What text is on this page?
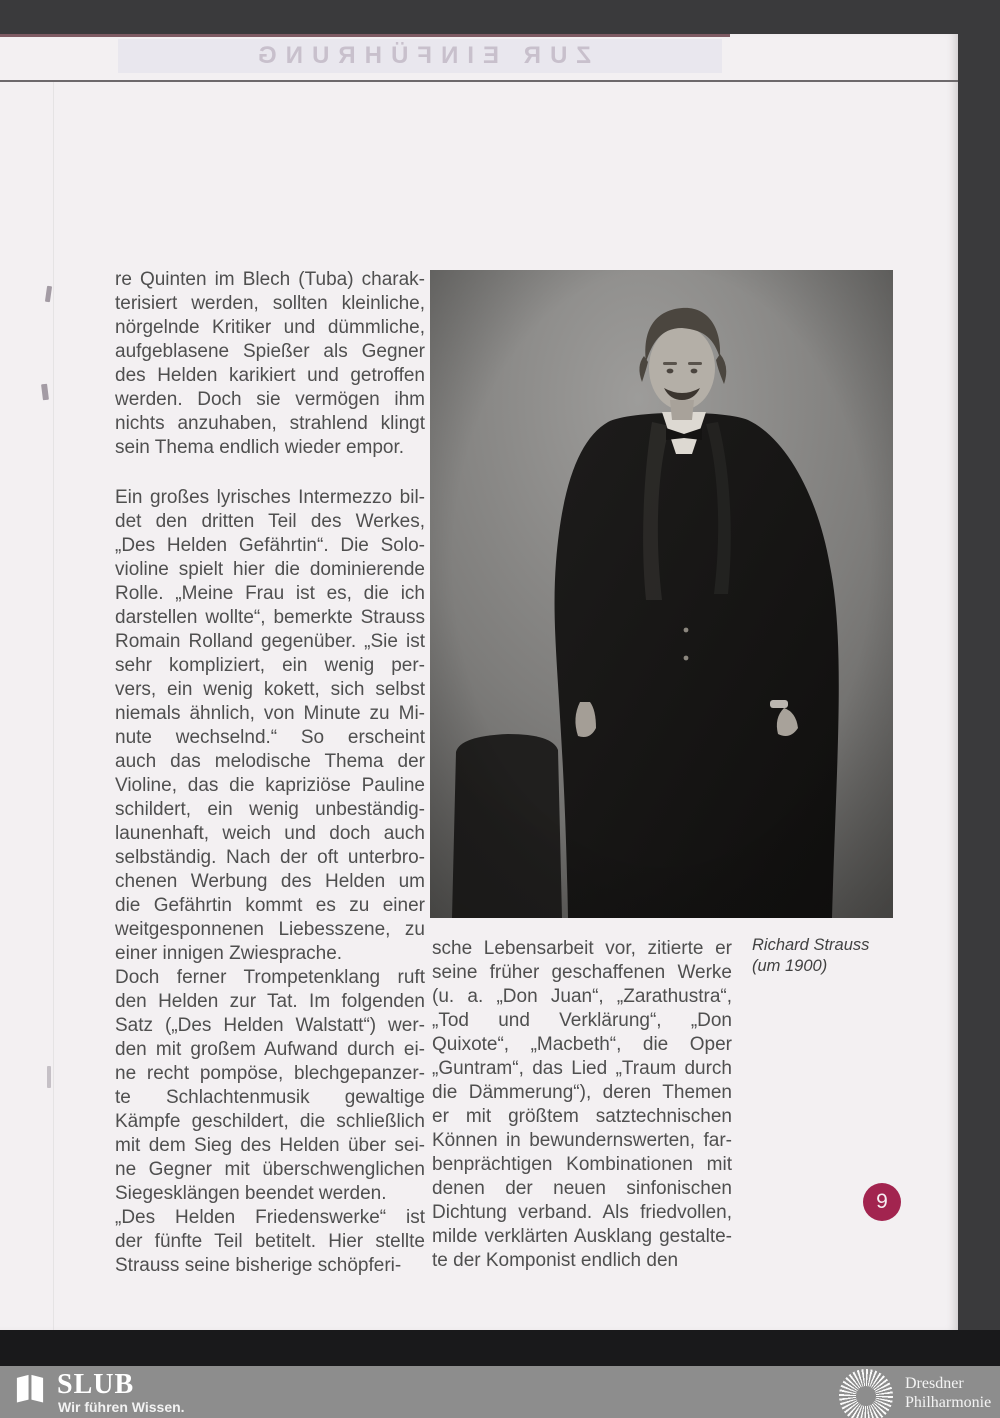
ZUR EINFÜHRUNG
re Quinten im Blech (Tuba) charak-
terisiert werden, sollten kleinliche,
nörgelnde Kritiker und dümmliche,
aufgeblasene Spießer als Gegner
des Helden karikiert und getroffen
werden. Doch sie vermögen ihm
nichts anzuhaben, strahlend klingt
sein Thema endlich wieder empor.
Ein großes lyrisches Intermezzo bil-
det den dritten Teil des Werkes,
„Des Helden Gefährtin“. Die Solo-
violine spielt hier die dominierende
Rolle. „Meine Frau ist es, die ich
darstellen wollte“, bemerkte Strauss
Romain Rolland gegenüber. „Sie ist
sehr kompliziert, ein wenig per-
vers, ein wenig kokett, sich selbst
niemals ähnlich, von Minute zu Mi-
nute wechselnd.“ So erscheint
auch das melodische Thema der
Violine, das die kapriziöse Pauline
schildert, ein wenig unbeständig-
launenhaft, weich und doch auch
selbständig. Nach der oft unterbro-
chenen Werbung des Helden um
die Gefährtin kommt es zu einer
weitgesponnenen Liebesszene, zu
einer innigen Zwiesprache.
Doch ferner Trompetenklang ruft
den Helden zur Tat. Im folgenden
Satz („Des Helden Walstatt“) wer-
den mit großem Aufwand durch ei-
ne recht pompöse, blechgepanzer-
te Schlachtenmusik gewaltige
Kämpfe geschildert, die schließlich
mit dem Sieg des Helden über sei-
ne Gegner mit überschwenglichen
Siegesklängen beendet werden.
„Des Helden Friedenswerke“ ist
der fünfte Teil betitelt. Hier stellte
Strauss seine bisherige schöpferi-
sche Lebensarbeit vor, zitierte er
seine früher geschaffenen Werke
(u. a. „Don Juan“, „Zarathustra“,
„Tod und Verklärung“, „Don
Quixote“, „Macbeth“, die Oper
„Guntram“, das Lied „Traum durch
die Dämmerung“), deren Themen
er mit größtem satztechnischen
Können in bewundernswerten, far-
benprächtigen Kombinationen mit
denen der neuen sinfonischen
Dichtung verband. Als friedvollen,
milde verklärten Ausklang gestalte-
te der Komponist endlich den
Richard Strauss
(um 1900)
9
SLUB
Wir führen Wissen.
Dresdner
Philharmonie
